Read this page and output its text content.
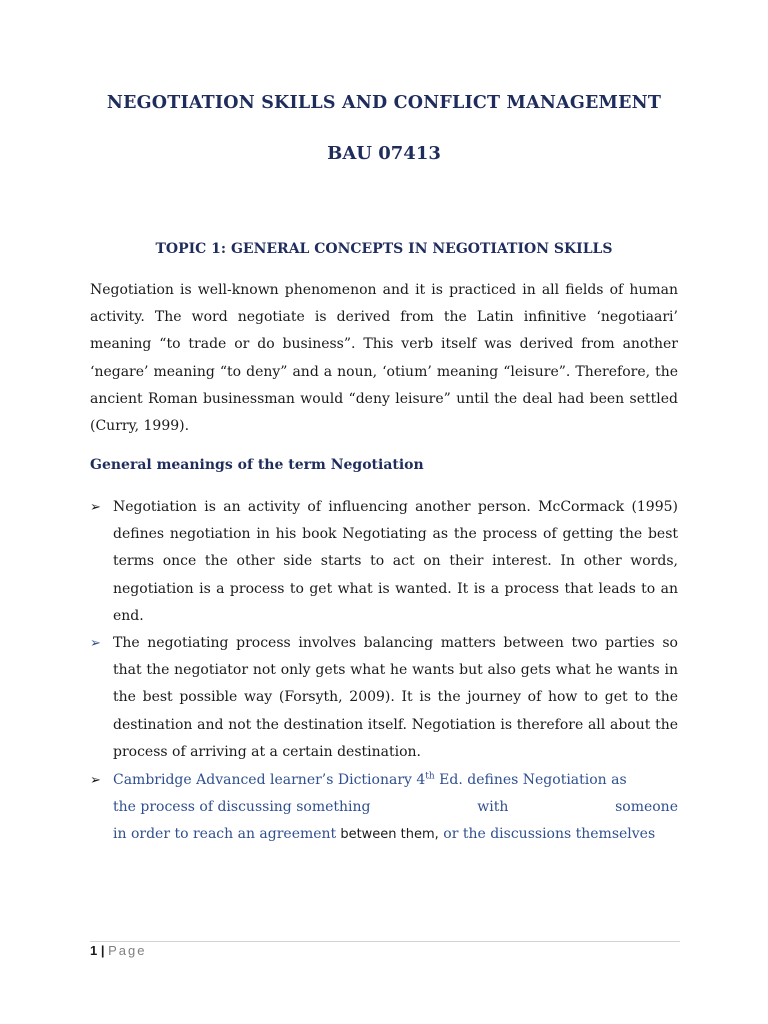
NEGOTIATION SKILLS AND CONFLICT MANAGEMENT
BAU 07413
TOPIC 1: GENERAL CONCEPTS IN NEGOTIATION SKILLS

Negotiation is well-known phenomenon and it is practiced in all fields of human activity. The word negotiate is derived from the Latin infinitive ‘negotiaari’ meaning “to trade or do business”. This verb itself was derived from another ‘negare’ meaning “to deny” and a noun, ‘otium’ meaning “leisure”. Therefore, the ancient Roman businessman would “deny leisure” until the deal had been settled (Curry, 1999).

General meanings of the term Negotiation
➢ Negotiation is an activity of influencing another person. McCormack (1995) defines negotiation in his book Negotiating as the process of getting the best terms once the other side starts to act on their interest. In other words, negotiation is a process to get what is wanted. It is a process that leads to an end.
➢ The negotiating process involves balancing matters between two parties so that the negotiator not only gets what he wants but also gets what he wants in the best possible way (Forsyth, 2009). It is the journey of how to get to the destination and not the destination itself. Negotiation is therefore all about the process of arriving at a certain destination.
➢ Cambridge Advanced learner’s Dictionary 4th Ed. defines Negotiation as
the process of discussing something	with	someone
in order to reach an agreement between them, or the discussions themselves
1 | Page
